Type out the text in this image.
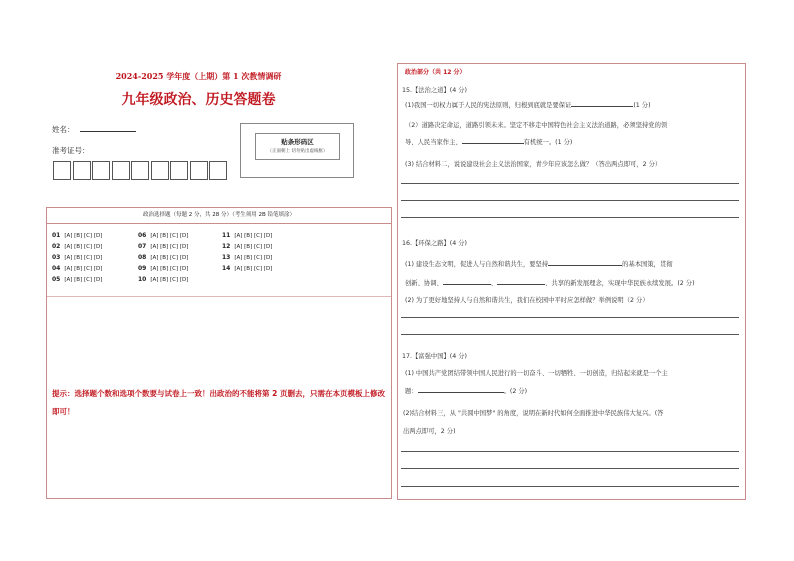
2024-2025 学年度（上期）第 1 次教情调研
九年级政治、历史答题卷
姓名：
准考证号：
贴条形码区
（正面朝上 切勿贴出虚线框）
政治选择题（每题 2 分，共 28 分）（考生须用 2B 铅笔填涂）
01 [A] [B] [C] [D]
02 [A] [B] [C] [D]
03 [A] [B] [C] [D]
04 [A] [B] [C] [D]
05 [A] [B] [C] [D]
06 [A] [B] [C] [D]
07 [A] [B] [C] [D]
08 [A] [B] [C] [D]
09 [A] [B] [C] [D]
10 [A] [B] [C] [D]
11 [A] [B] [C] [D]
12 [A] [B] [C] [D]
13 [A] [B] [C] [D]
14 [A] [B] [C] [D]
提示：选择题个数和选项个数要与试卷上一致！出政治的不能将第 2 页删去，只需在本页模板上修改即可！
政治部分（共 12 分）
15.【法治之道】(4 分)
(1)我国一切权力属于人民的宪法原则，归根到底就是要保证	(1 分)
（2）道路决定命运，道路引领未来。坚定不移走中国特色社会主义法治道路，必须坚持党的领
导、人民当家作主、	有机统一。(1 分)
(3) 结合材料二，说说建设社会主义法治国家，青少年应该怎么做？（答出两点即可，2 分）
16.【环保之路】(4 分)
(1) 建设生态文明，促进人与自然和谐共生，要坚持	的基本国策，贯彻
创新、协调、	、	、共享的新发展理念，实现中华民族永续发展。(2 分)
(2) 为了更好地坚持人与自然和谐共生，我们在校园中平时应怎样做？举例说明（2 分）
17.【富强中国】(4 分)
(1) 中国共产党团结带领中国人民进行的一切奋斗、一切牺牲、一切创造，归结起来就是一个主
题：	。(2 分)
(2)结合材料三，从 "共圆中国梦" 的角度，说明在新时代如何全面推进中华民族伟大复兴。(答
出两点即可，2 分)
